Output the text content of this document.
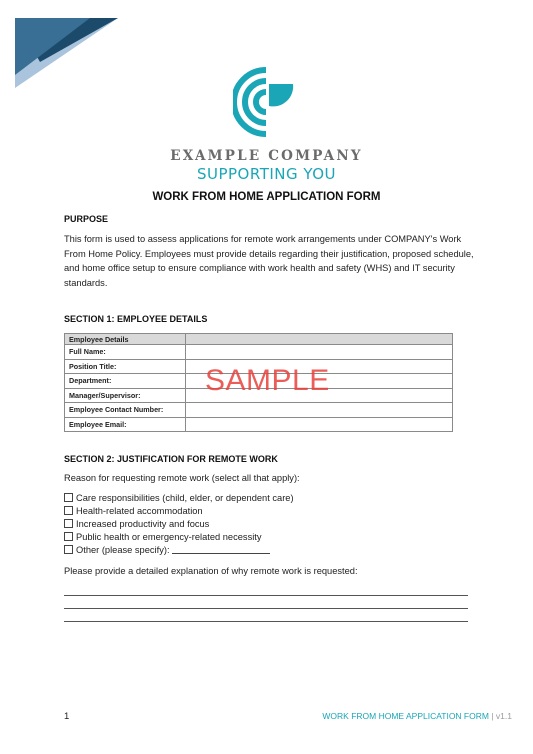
EXAMPLE COMPANY
SUPPORTING YOU
WORK FROM HOME APPLICATION FORM
PURPOSE
This form is used to assess applications for remote work arrangements under COMPANY's Work From Home Policy. Employees must provide details regarding their justification, proposed schedule, and home office setup to ensure compliance with work health and safety (WHS) and IT security standards.
SECTION 1: EMPLOYEE DETAILS
Employee Details	
Full Name:	
Position Title:	
Department:	
Manager/Supervisor:	
Employee Contact Number:	
Employee Email:	
SAMPLE
SECTION 2: JUSTIFICATION FOR REMOTE WORK
Reason for requesting remote work (select all that apply):
Care responsibilities (child, elder, or dependent care)
Health-related accommodation
Increased productivity and focus
Public health or emergency-related necessity
Other (please specify):
Please provide a detailed explanation of why remote work is requested:
1	WORK FROM HOME APPLICATION FORM | v1.1
